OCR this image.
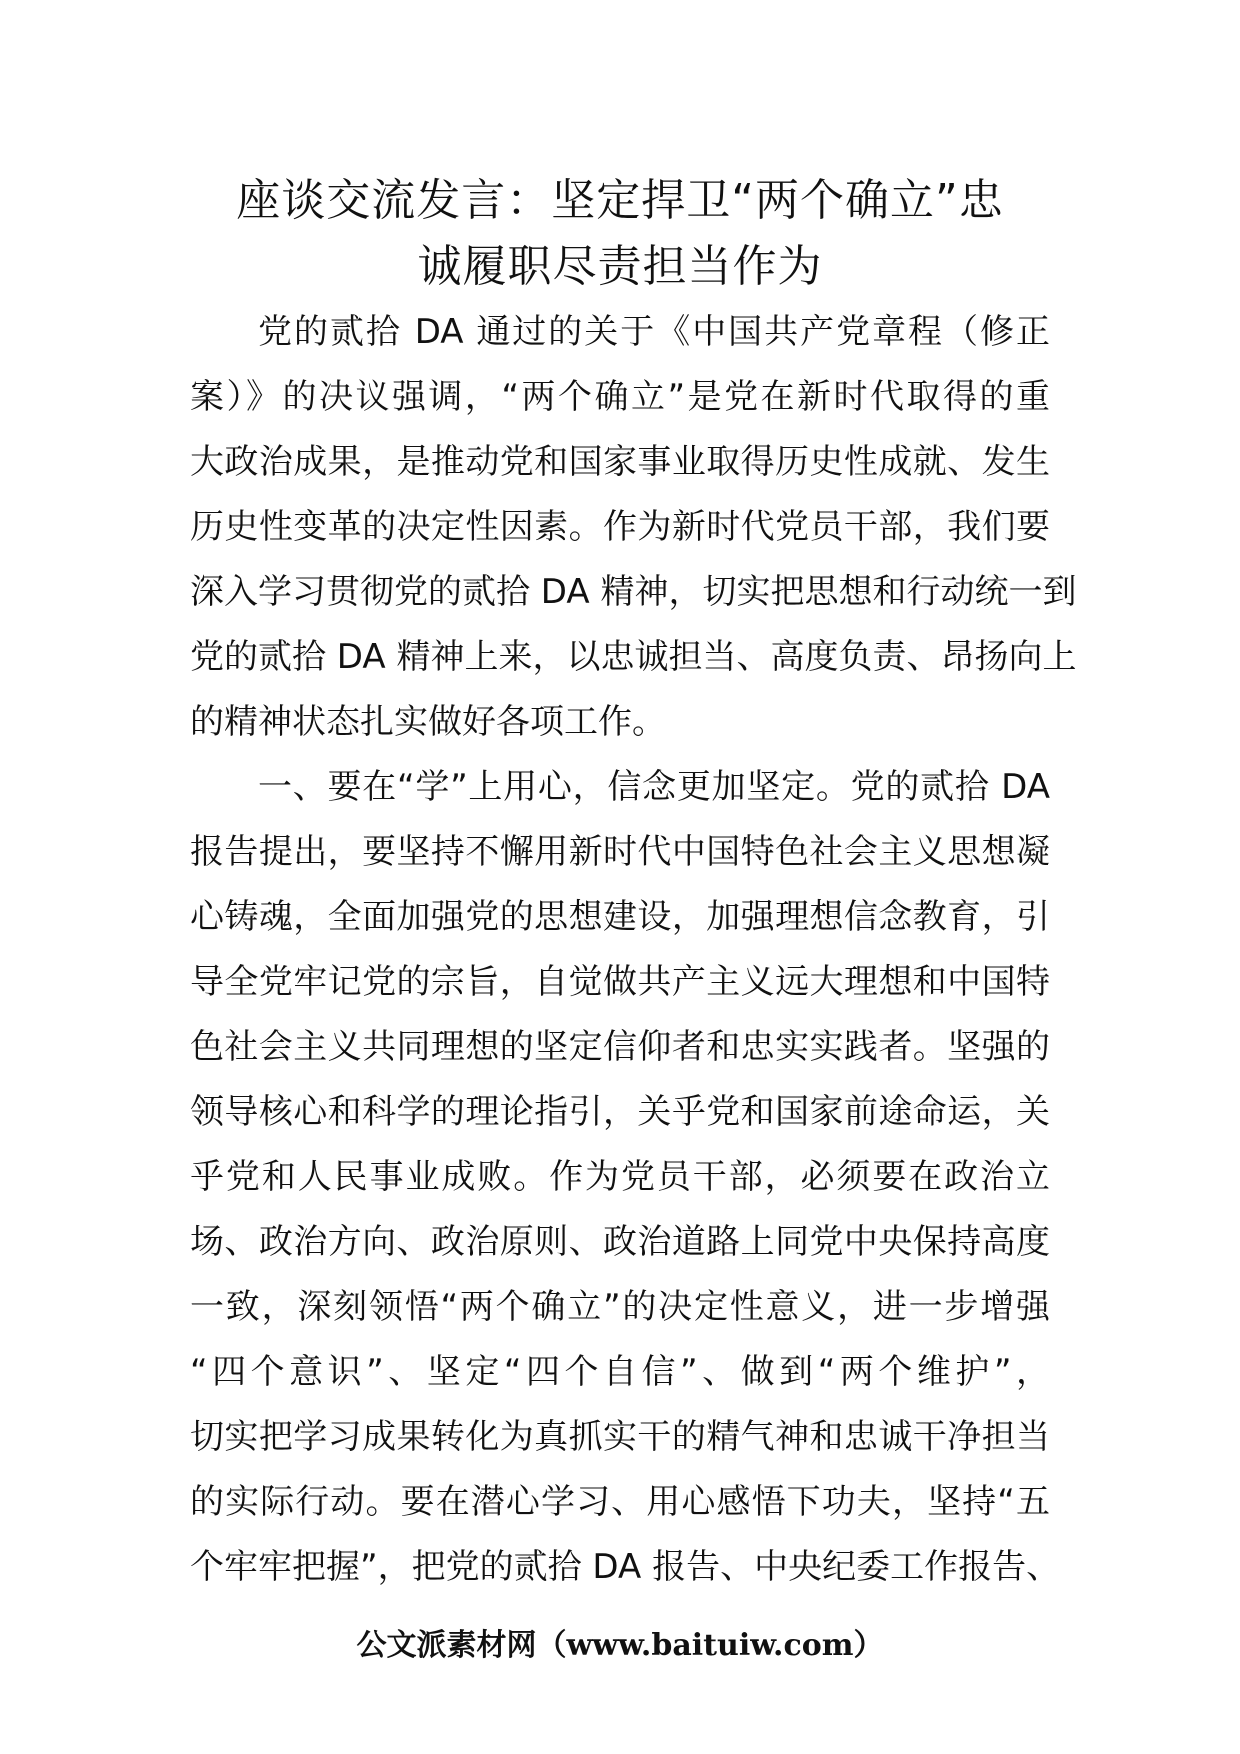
座谈交流发言：坚定捍卫“两个确立”忠
诚履职尽责担当作为
党的贰拾 DA 通过的关于《中国共产党章程（修正
案）》的决议强调，“两个确立”是党在新时代取得的重
大政治成果，是推动党和国家事业取得历史性成就、发生
历史性变革的决定性因素。作为新时代党员干部，我们要
深入学习贯彻党的贰拾 DA 精神，切实把思想和行动统一到
党的贰拾 DA 精神上来，以忠诚担当、高度负责、昂扬向上
的精神状态扎实做好各项工作。
一、要在“学”上用心，信念更加坚定。党的贰拾 DA
报告提出，要坚持不懈用新时代中国特色社会主义思想凝
心铸魂，全面加强党的思想建设，加强理想信念教育，引
导全党牢记党的宗旨，自觉做共产主义远大理想和中国特
色社会主义共同理想的坚定信仰者和忠实实践者。坚强的
领导核心和科学的理论指引，关乎党和国家前途命运，关
乎党和人民事业成败。作为党员干部，必须要在政治立
场、政治方向、政治原则、政治道路上同党中央保持高度
一致，深刻领悟“两个确立”的决定性意义，进一步增强
“四个意识”、坚定“四个自信”、做到“两个维护”，
切实把学习成果转化为真抓实干的精气神和忠诚干净担当
的实际行动。要在潜心学习、用心感悟下功夫，坚持“五
个牢牢把握”，把党的贰拾 DA 报告、中央纪委工作报告、
公文派素材网（www.baituiw.com）
